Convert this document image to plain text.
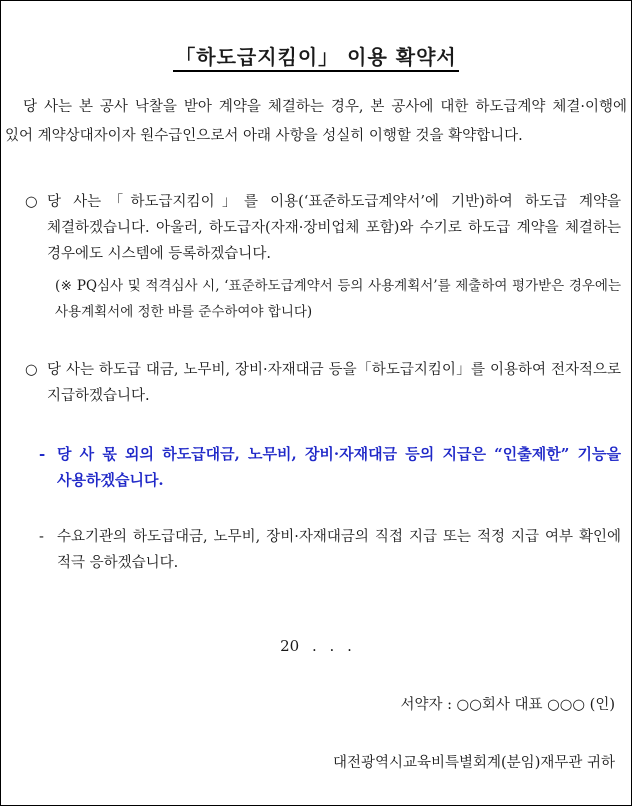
「하도급지킴이」 이용 확약서

당 사는 본 공사 낙찰을 받아 계약을 체결하는 경우, 본 공사에 대한 하도급계약 체결·이행에 있어 계약상대자이자 원수급인으로서 아래 사항을 성실히 이행할 것을 확약합니다.

○ 당 사는「하도급지킴이」를 이용(‘표준하도급계약서’에 기반)하여 하도급 계약을 체결하겠습니다. 아울러, 하도급자(자재·장비업체 포함)와 수기로 하도급 계약을 체결하는 경우에도 시스템에 등록하겠습니다.

(※ PQ심사 및 적격심사 시, ‘표준하도급계약서 등의 사용계획서’를 제출하여 평가받은 경우에는 사용계획서에 정한 바를 준수하여야 합니다)

○ 당 사는 하도급 대금, 노무비, 장비·자재대금 등을「하도급지킴이」를 이용하여 전자적으로 지급하겠습니다.
- 당 사 몫 외의 하도급대금, 노무비, 장비·자재대금 등의 지급은 “인출제한” 기능을 사용하겠습니다.
- 수요기관의 하도급대금, 노무비, 장비·자재대금의 직접 지급 또는 적정 지급 여부 확인에 적극 응하겠습니다.

20 . . .

서약자 : ○○회사 대표 ○○○ (인)

대전광역시교육비특별회계(분임)재무관 귀하
